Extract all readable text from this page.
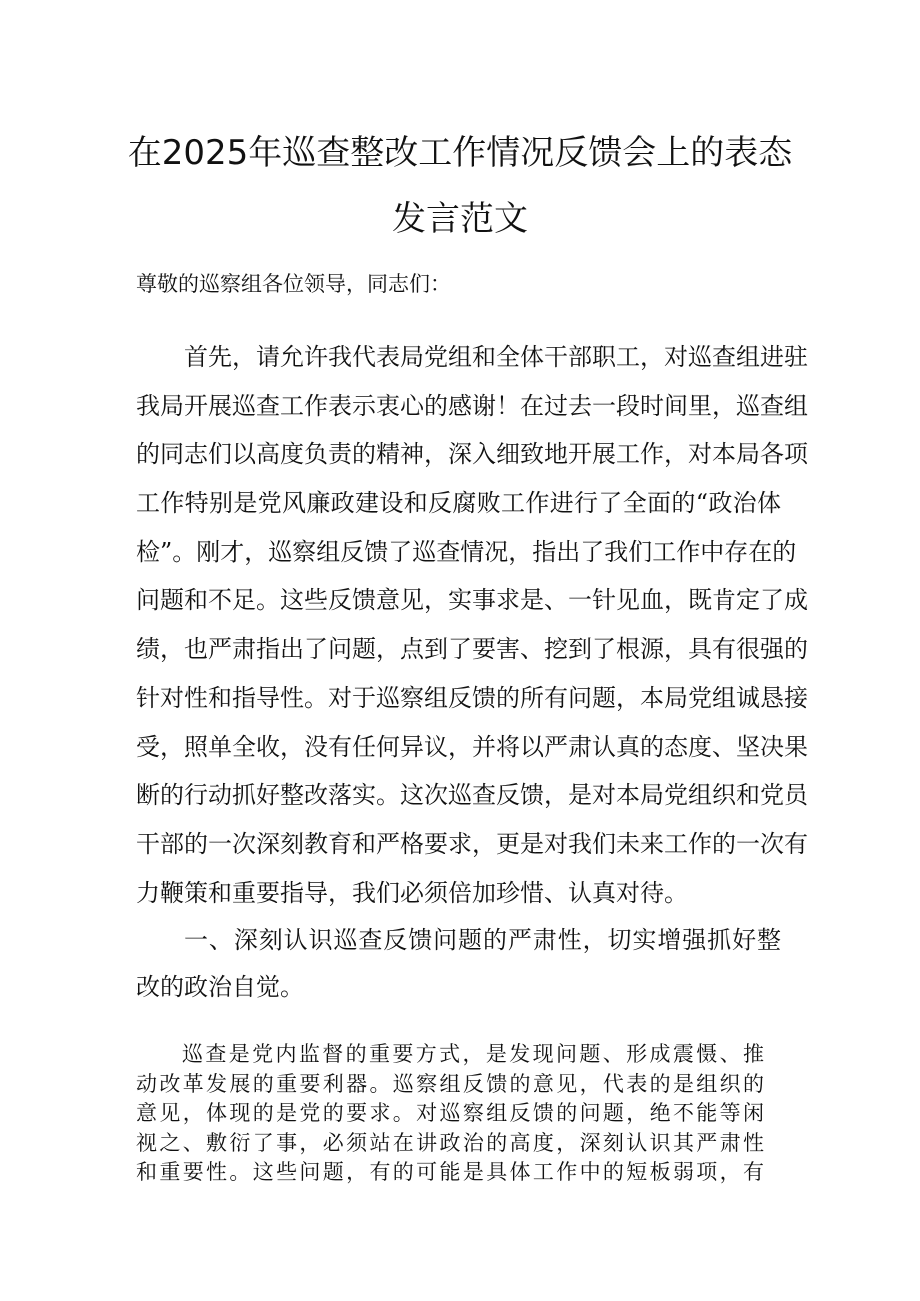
在2025年巡查整改工作情况反馈会上的表态
发言范文
尊敬的巡察组各位领导，同志们：
首先，请允许我代表局党组和全体干部职工，对巡查组进驻
我局开展巡查工作表示衷心的感谢！在过去一段时间里，巡查组
的同志们以高度负责的精神，深入细致地开展工作，对本局各项
工作特别是党风廉政建设和反腐败工作进行了全面的“政治体
检”。刚才，巡察组反馈了巡查情况，指出了我们工作中存在的
问题和不足。这些反馈意见，实事求是、一针见血，既肯定了成
绩，也严肃指出了问题，点到了要害、挖到了根源，具有很强的
针对性和指导性。对于巡察组反馈的所有问题，本局党组诚恳接
受，照单全收，没有任何异议，并将以严肃认真的态度、坚决果
断的行动抓好整改落实。这次巡查反馈，是对本局党组织和党员
干部的一次深刻教育和严格要求，更是对我们未来工作的一次有
力鞭策和重要指导，我们必须倍加珍惜、认真对待。
一、深刻认识巡查反馈问题的严肃性，切实增强抓好整
改的政治自觉。
巡查是党内监督的重要方式，是发现问题、形成震慑、推
动改革发展的重要利器。巡察组反馈的意见，代表的是组织的
意见，体现的是党的要求。对巡察组反馈的问题，绝不能等闲
视之、敷衍了事，必须站在讲政治的高度，深刻认识其严肃性
和重要性。这些问题，有的可能是具体工作中的短板弱项，有
